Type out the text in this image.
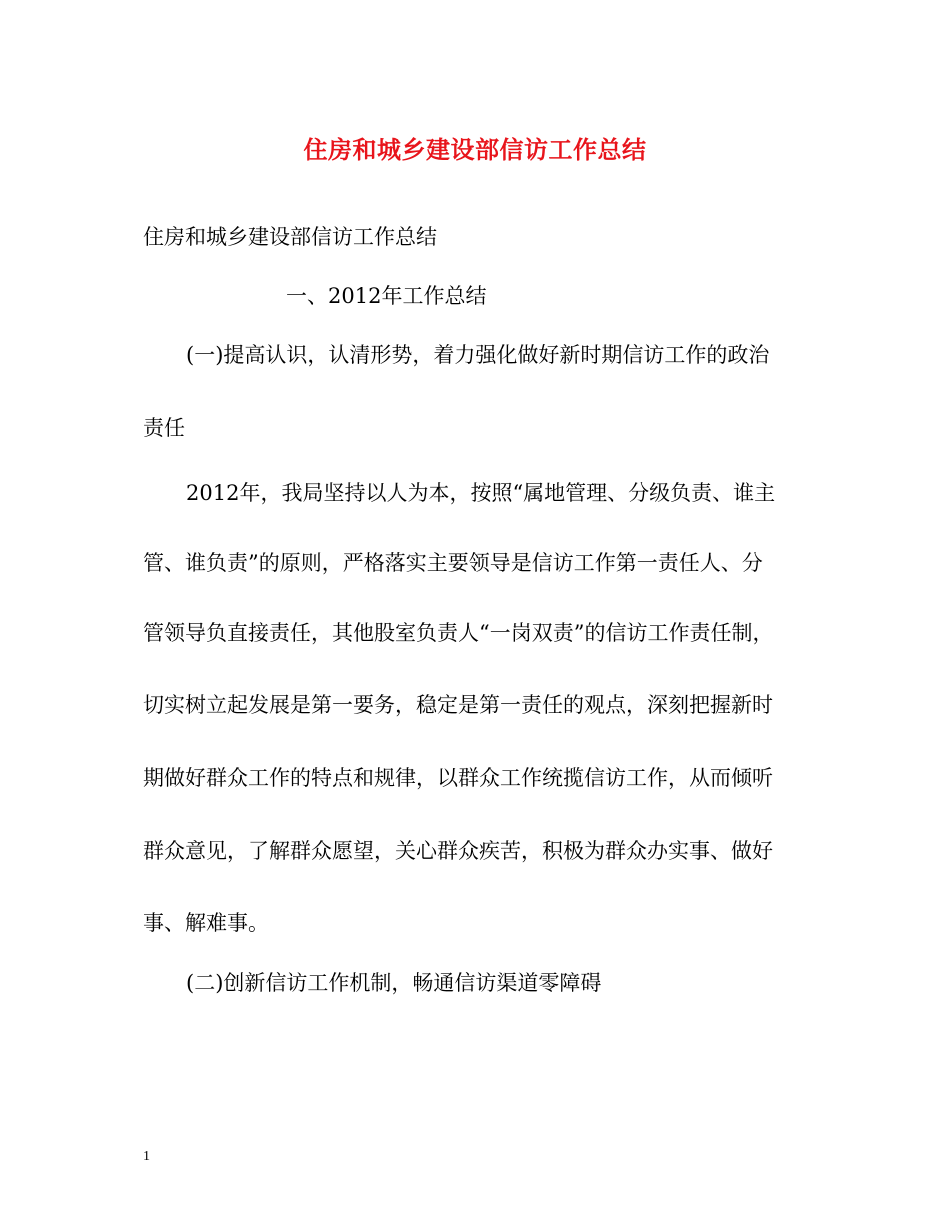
住房和城乡建设部信访工作总结
住房和城乡建设部信访工作总结
一、2012年工作总结
(一)提高认识，认清形势，着力强化做好新时期信访工作的政治
责任
2012年，我局坚持以人为本，按照“属地管理、分级负责、谁主
管、谁负责”的原则，严格落实主要领导是信访工作第一责任人、分
管领导负直接责任，其他股室负责人“一岗双责”的信访工作责任制，
切实树立起发展是第一要务，稳定是第一责任的观点，深刻把握新时
期做好群众工作的特点和规律，以群众工作统揽信访工作，从而倾听
群众意见，了解群众愿望，关心群众疾苦，积极为群众办实事、做好
事、解难事。
(二)创新信访工作机制，畅通信访渠道零障碍
1
